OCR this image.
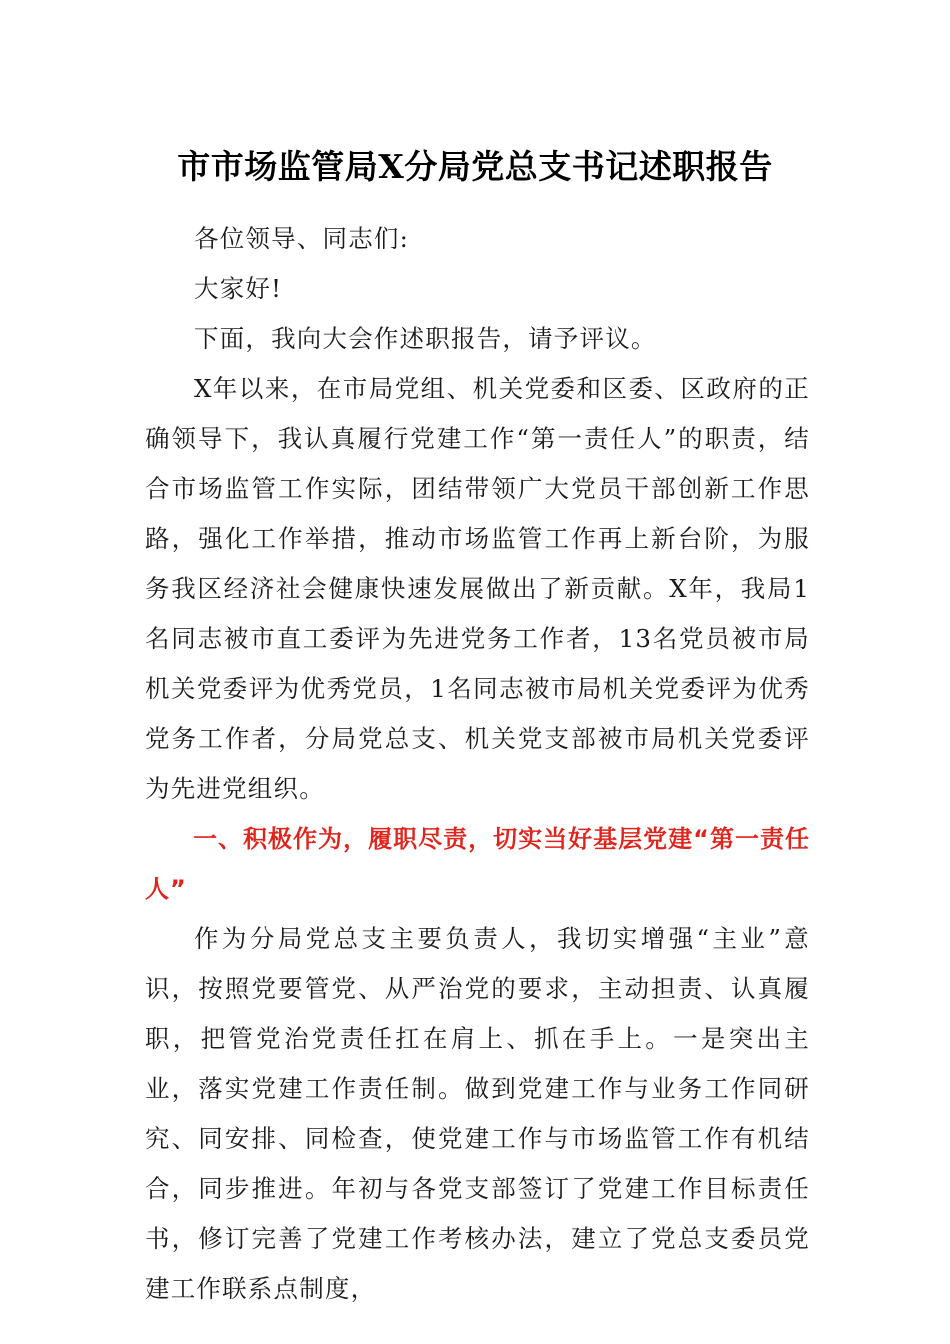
市市场监管局X分局党总支书记述职报告

各位领导、同志们:

大家好!

下面，我向大会作述职报告，请予评议。

X年以来，在市局党组、机关党委和区委、区政府的正确领导下，我认真履行党建工作“第一责任人”的职责，结合市场监管工作实际，团结带领广大党员干部创新工作思路，强化工作举措，推动市场监管工作再上新台阶，为服务我区经济社会健康快速发展做出了新贡献。X年，我局1名同志被市直工委评为先进党务工作者，13名党员被市局机关党委评为优秀党员，1名同志被市局机关党委评为优秀党务工作者，分局党总支、机关党支部被市局机关党委评为先进党组织。

一、积极作为，履职尽责，切实当好基层党建“第一责任人”

作为分局党总支主要负责人，我切实增强“主业”意识，按照党要管党、从严治党的要求，主动担责、认真履职，把管党治党责任扛在肩上、抓在手上。一是突出主业，落实党建工作责任制。做到党建工作与业务工作同研究、同安排、同检查，使党建工作与市场监管工作有机结合，同步推进。年初与各党支部签订了党建工作目标责任书，修订完善了党建工作考核办法，建立了党总支委员党建工作联系点制度，
